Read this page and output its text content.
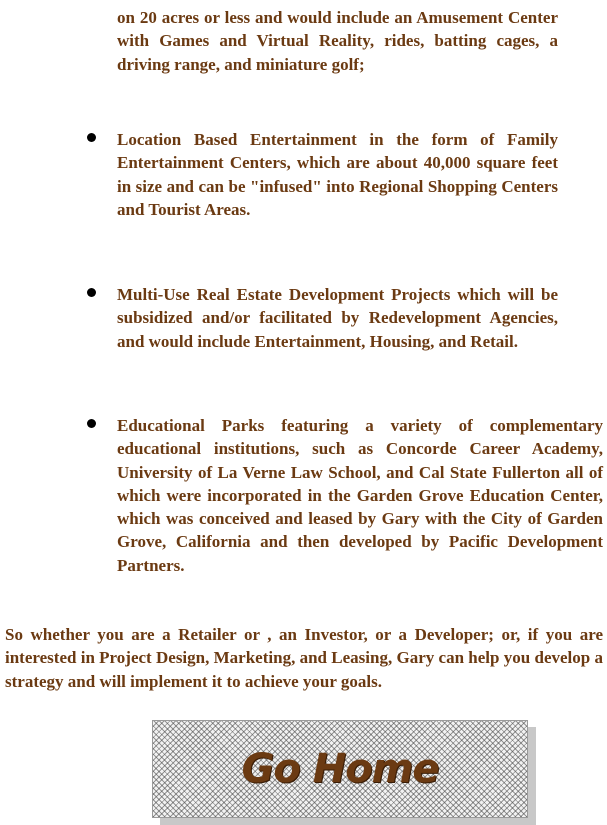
on 20 acres or less and would include an Amusement Center with Games and Virtual Reality, rides, batting cages, a driving range, and miniature golf;

Location Based Entertainment in the form of Family Entertainment Centers, which are about 40,000 square feet in size and can be "infused" into Regional Shopping Centers and Tourist Areas.

Multi-Use Real Estate Development Projects which will be subsidized and/or facilitated by Redevelopment Agencies, and would include Entertainment, Housing, and Retail.

Educational Parks featuring a variety of complementary educational institutions, such as Concorde Career Academy, University of La Verne Law School, and Cal State Fullerton all of which were incorporated in the Garden Grove Education Center, which was conceived and leased by Gary with the City of Garden Grove, California and then developed by Pacific Development Partners.

So whether you are a Retailer or , an Investor, or a Developer; or, if you are interested in Project Design, Marketing, and Leasing, Gary can help you develop a strategy and will implement it to achieve your goals.

Go Home
